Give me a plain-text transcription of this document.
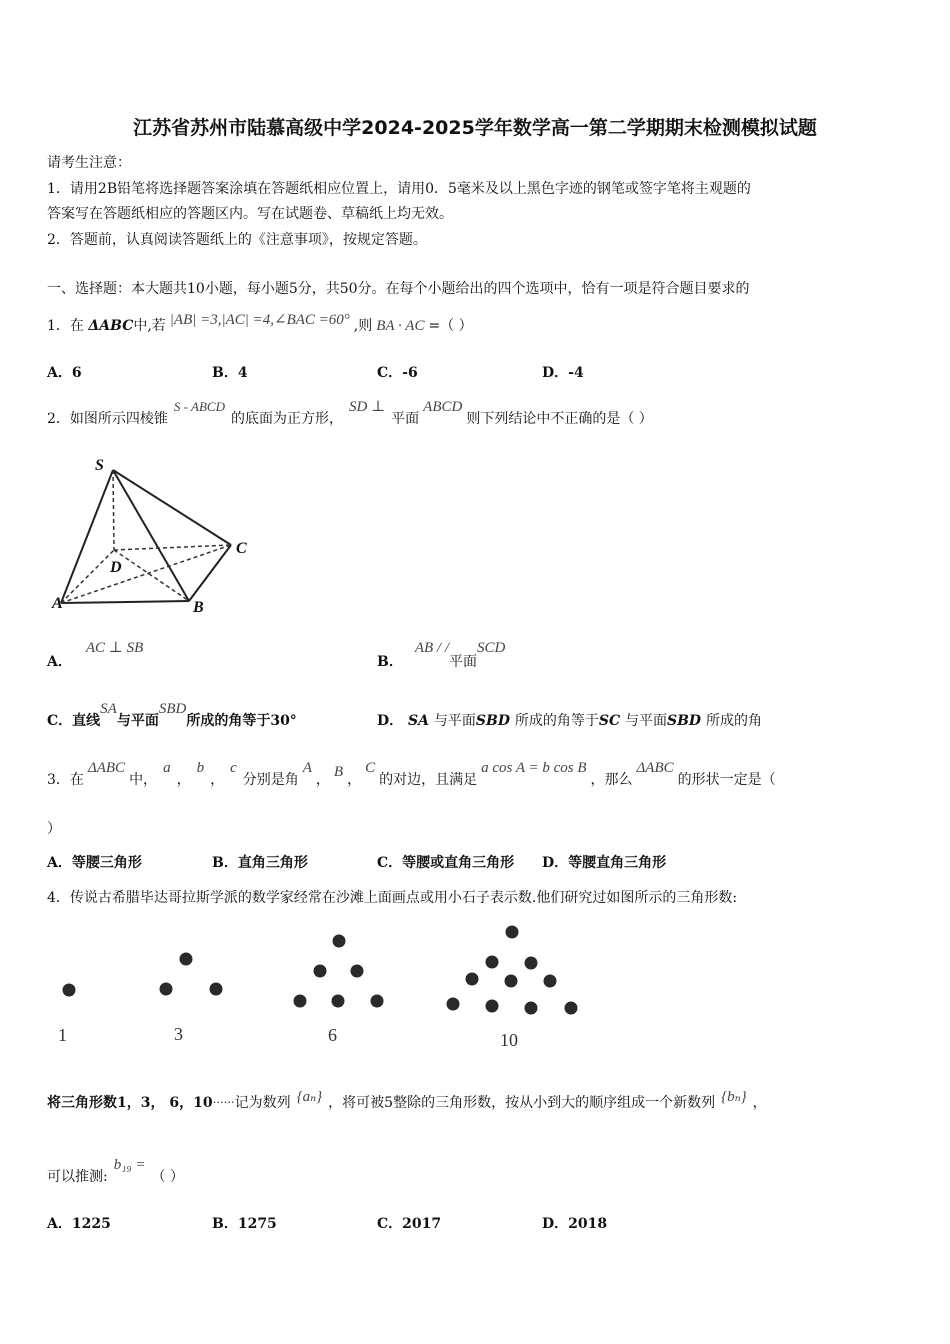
江苏省苏州市陆慕高级中学2024-2025学年数学高一第二学期期末检测模拟试题
请考生注意：
1．请用2B铅笔将选择题答案涂填在答题纸相应位置上，请用0．5毫米及以上黑色字迹的钢笔或签字笔将主观题的
答案写在答题纸相应的答题区内。写在试题卷、草稿纸上均无效。
2．答题前，认真阅读答题纸上的《注意事项》，按规定答题。
一、选择题：本大题共10小题，每小题5分，共50分。在每个小题给出的四个选项中，恰有一项是符合题目要求的
1．在 ΔABC中,若 |AB| =3,|AC| =4,∠BAC =60° ,则 BA · AC =（ ）
A．6	B．4	C．-6	D．-4
2．如图所示四棱锥S - ABCD的底面为正方形，SD ⊥平面ABCD则下列结论中不正确的是（ ）
S
D
C
A	B
A．AC ⊥ SB
B．AB / /平面SCD
C．直线SA与平面SBD所成的角等于30°	D． SA 与平面SBD 所成的角等于SC 与平面SBD 所成的角
3．在ΔABC中，a，b，c分别是角A， B ，C的对边，且满足a cos A = b cos B，那么ΔABC的形状一定是（
）
A．等腰三角形	B．直角三角形	C．等腰或直角三角形 D．等腰直角三角形
4．传说古希腊毕达哥拉斯学派的数学家经常在沙滩上面画点或用小石子表示数.他们研究过如图所示的三角形数:
1	3	6	10
将三角形数1，3， 6，10……记为数列 {aₙ} ，将可被5整除的三角形数，按从小到大的顺序组成一个新数列 {bₙ} ，
可以推测:b₁₉ =（ ）
A．1225	B．1275	C．2017	D．2018
